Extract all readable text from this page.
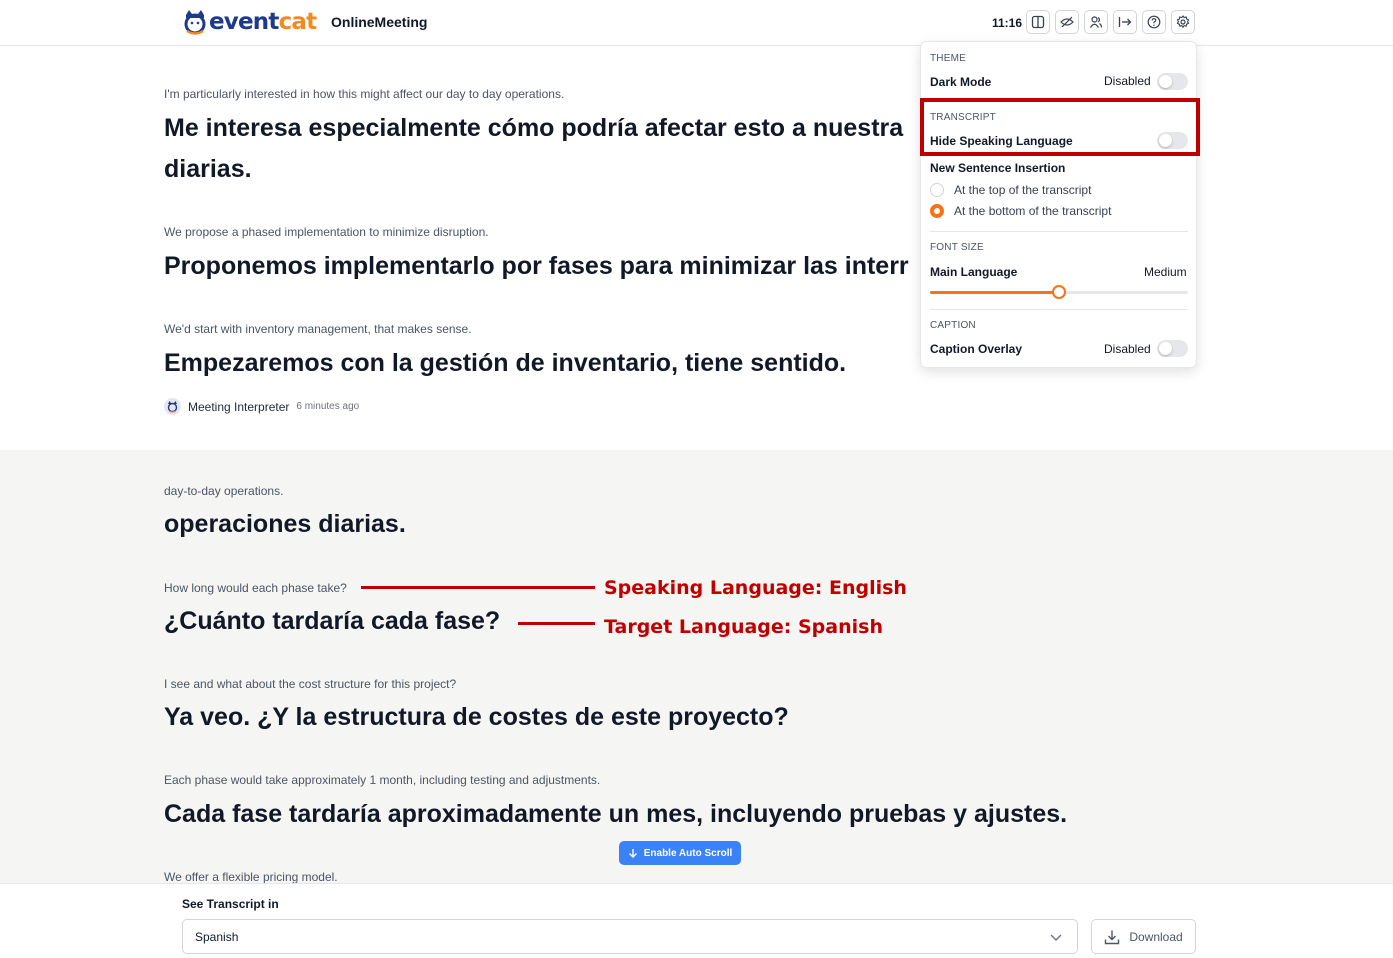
eventcat OnlineMeeting	11:16
I'm particularly interested in how this might affect our day to day operations.
Me interesa especialmente cómo podría afectar esto a nuestra
diarias.
We propose a phased implementation to minimize disruption.
Proponemos implementarlo por fases para minimizar las interr
We'd start with inventory management, that makes sense.
Empezaremos con la gestión de inventario, tiene sentido.
Meeting Interpreter 6 minutes ago
day-to-day operations.
operaciones diarias.
How long would each phase take?
¿Cuánto tardaría cada fase?
I see and what about the cost structure for this project?
Ya veo. ¿Y la estructura de costes de este proyecto?
Each phase would take approximately 1 month, including testing and adjustments.
Cada fase tardaría aproximadamente un mes, incluyendo pruebas y ajustes.
We offer a flexible pricing model.
Speaking Language: English
Target Language: Spanish
Enable Auto Scroll
See Transcript in
Spanish	Download
THEME
Dark Mode	Disabled
TRANSCRIPT
Hide Speaking Language
New Sentence Insertion
At the top of the transcript
At the bottom of the transcript
FONT SIZE
Main Language	Medium
CAPTION
Caption Overlay	Disabled
